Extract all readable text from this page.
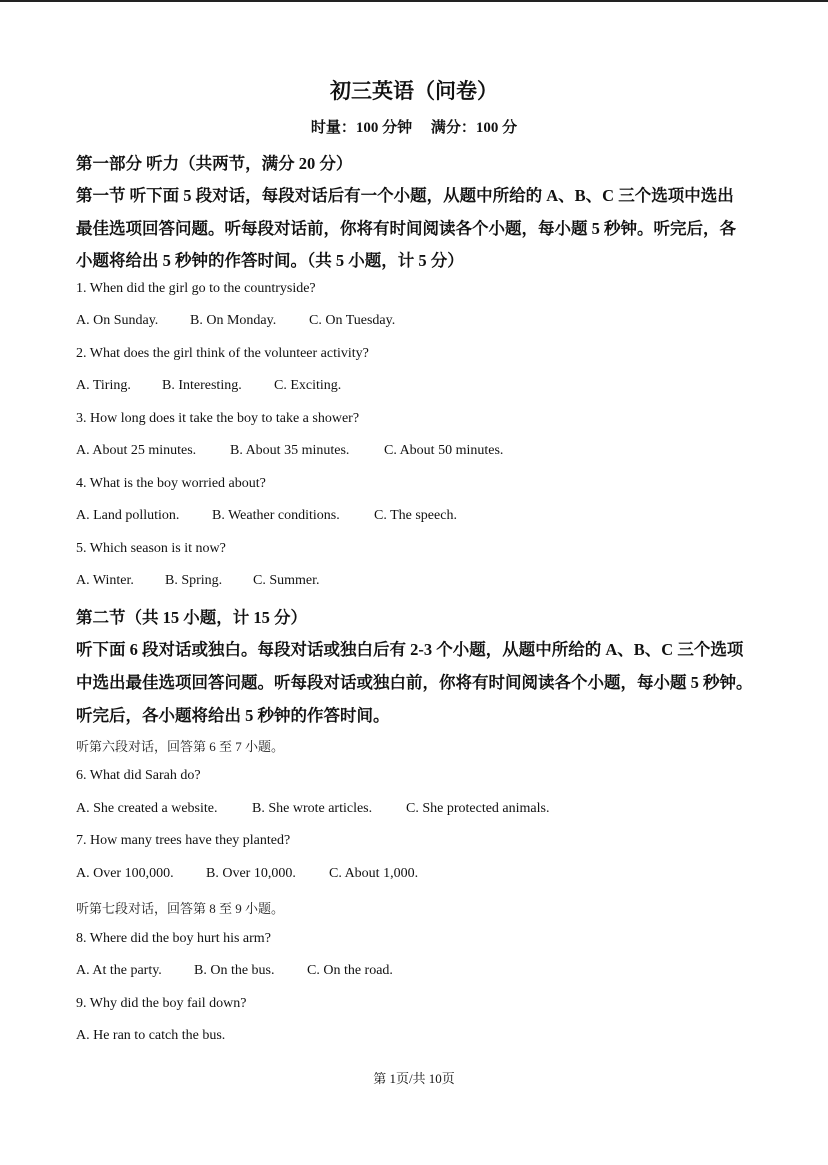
初三英语（问卷）
时量：100 分钟　 满分：100 分
第一部分 听力（共两节，满分 20 分）
第一节 听下面 5 段对话，每段对话后有一个小题，从题中所给的 A、B、C 三个选项中选出
最佳选项回答问题。听每段对话前，你将有时间阅读各个小题，每小题 5 秒钟。听完后，各
小题将给出 5 秒钟的作答时间。（共 5 小题，计 5 分）
1. When did the girl go to the countryside?
A. On Sunday. B. On Monday. C. On Tuesday.
2. What does the girl think of the volunteer activity?
A. Tiring. B. Interesting. C. Exciting.
3. How long does it take the boy to take a shower?
A. About 25 minutes. B. About 35 minutes. C. About 50 minutes.
4. What is the boy worried about?
A. Land pollution. B. Weather conditions. C. The speech.
5. Which season is it now?
A. Winter. B. Spring. C. Summer.
第二节（共 15 小题，计 15 分）
听下面 6 段对话或独白。每段对话或独白后有 2-3 个小题，从题中所给的 A、B、C 三个选项
中选出最佳选项回答问题。听每段对话或独白前，你将有时间阅读各个小题，每小题 5 秒钟。
听完后，各小题将给出 5 秒钟的作答时间。
听第六段对话，回答第 6 至 7 小题。
6. What did Sarah do?
A. She created a website. B. She wrote articles. C. She protected animals.
7. How many trees have they planted?
A. Over 100,000. B. Over 10,000. C. About 1,000.
听第七段对话，回答第 8 至 9 小题。
8. Where did the boy hurt his arm?
A. At the party. B. On the bus. C. On the road.
9. Why did the boy fail down?
A. He ran to catch the bus.
第 1页/共 10页
